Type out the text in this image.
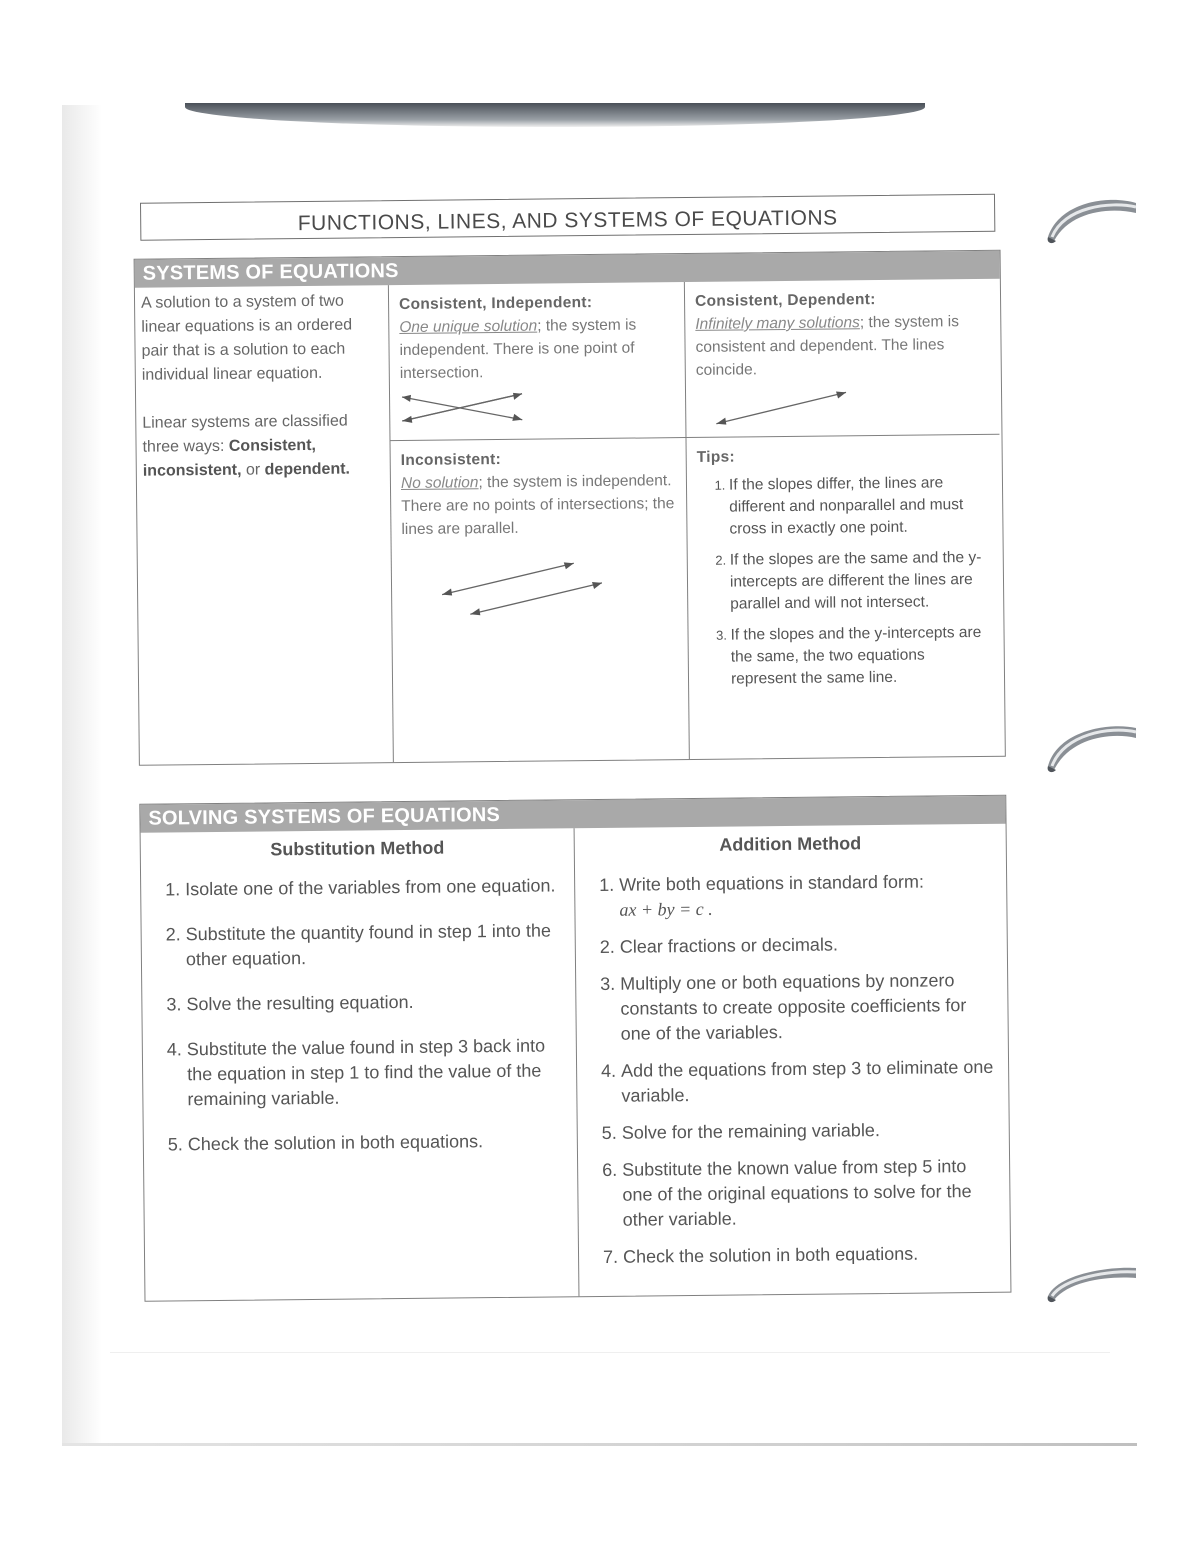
FUNCTIONS, LINES, AND SYSTEMS OF EQUATIONS
SYSTEMS OF EQUATIONS

A solution to a system of two linear equations is an ordered pair that is a solution to each individual linear equation.

Linear systems are classified three ways: Consistent, inconsistent, or dependent.

Consistent, Independent:
One unique solution; the system is independent. There is one point of intersection.
Consistent, Dependent:
Infinitely many solutions; the system is consistent and dependent. The lines coincide.
Inconsistent:
No solution; the system is independent. There are no points of intersections; the lines are parallel.
Tips:
1. If the slopes differ, the lines are different and nonparallel and must cross in exactly one point.
2. If the slopes are the same and the y-intercepts are different the lines are parallel and will not intersect.
3. If the slopes and the y-intercepts are the same, the two equations represent the same line.
SOLVING SYSTEMS OF EQUATIONS
Substitution Method
1. Isolate one of the variables from one equation.
2. Substitute the quantity found in step 1 into the other equation.
3. Solve the resulting equation.
4. Substitute the value found in step 3 back into the equation in step 1 to find the value of the remaining variable.
5. Check the solution in both equations.
Addition Method
1. Write both equations in standard form:
ax + by = c .
2. Clear fractions or decimals.
3. Multiply one or both equations by nonzero constants to create opposite coefficients for one of the variables.
4. Add the equations from step 3 to eliminate one variable.
5. Solve for the remaining variable.
6. Substitute the known value from step 5 into one of the original equations to solve for the other variable.
7. Check the solution in both equations.
